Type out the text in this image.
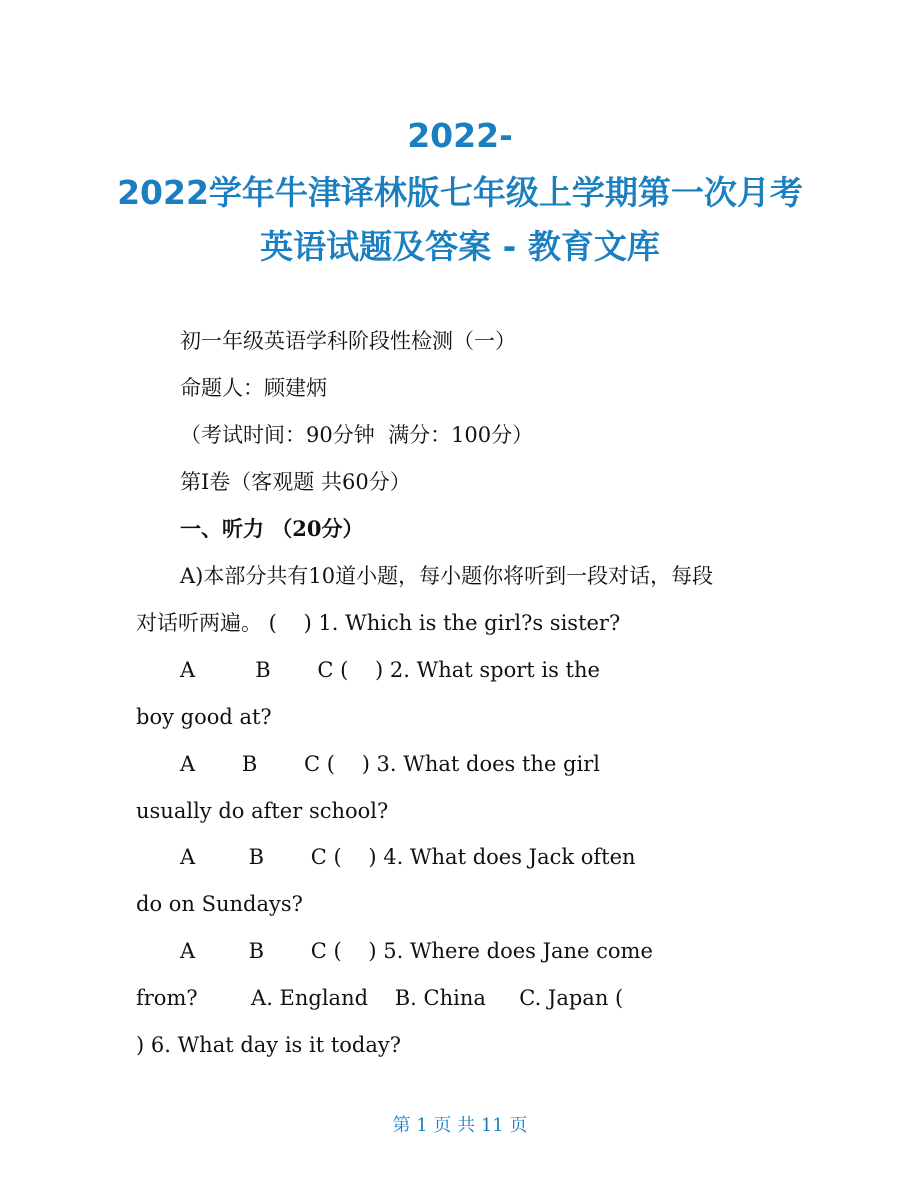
2022-
2022学年牛津译林版七年级上学期第一次月考
英语试题及答案 - 教育文库
初一年级英语学科阶段性检测（一）
命题人：顾建炳
（考试时间：90分钟  满分：100分）
第I卷（客观题 共60分）
一、听力 （20分）
A)本部分共有10道小题，每小题你将听到一段对话，每段
对话听两遍。 (    ) 1. Which is the girl?s sister?
A         B       C (    ) 2. What sport is the
boy good at?
A       B       C (    ) 3. What does the girl
usually do after school?
A        B       C (    ) 4. What does Jack often
do on Sundays?
A        B       C (    ) 5. Where does Jane come
from?        A. England    B. China     C. Japan (
) 6. What day is it today?
第 1 页 共 11 页
